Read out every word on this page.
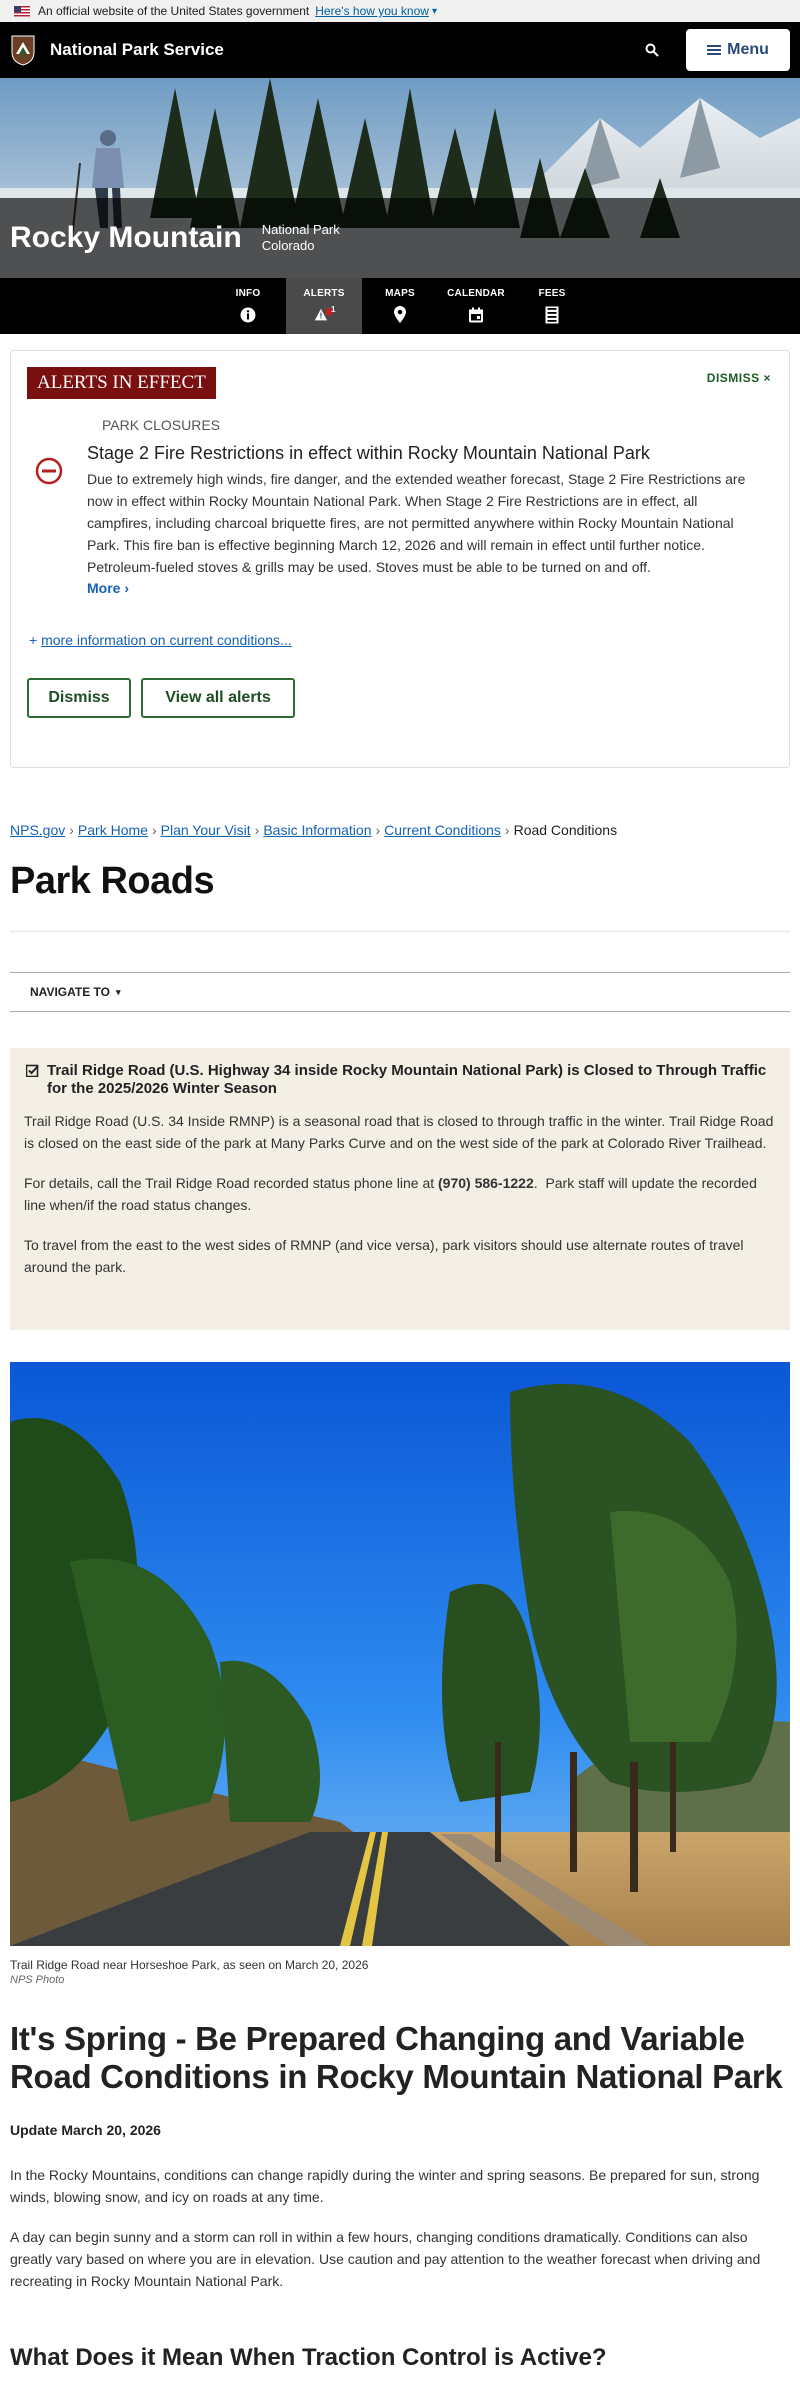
An official website of the United States government Here's how you know ▾
National Park Service	Menu
Rocky Mountain National Park
Colorado
INFO	ALERTS
1
MAPS	CALENDAR	FEES
ALERTS IN EFFECT	DISMISS ×
PARK CLOSURES
Stage 2 Fire Restrictions in effect within Rocky Mountain National Park
Due to extremely high winds, fire danger, and the extended weather forecast, Stage 2 Fire Restrictions are now in effect within Rocky Mountain National Park. When Stage 2 Fire Restrictions are in effect, all campfires, including charcoal briquette fires, are not permitted anywhere within Rocky Mountain National Park. This fire ban is effective beginning March 12, 2026 and will remain in effect until further notice. Petroleum-fueled stoves & grills may be used. Stoves must be able to be turned on and off.
More ›
+ more information on current conditions...
Dismiss	View all alerts
NPS.gov › Park Home › Plan Your Visit › Basic Information › Current Conditions › Road Conditions
Park Roads
NAVIGATE TO ▾
Trail Ridge Road (U.S. Highway 34 inside Rocky Mountain National Park) is Closed to Through Traffic for the 2025/2026 Winter Season

Trail Ridge Road (U.S. 34 Inside RMNP) is a seasonal road that is closed to through traffic in the winter. Trail Ridge Road is closed on the east side of the park at Many Parks Curve and on the west side of the park at Colorado River Trailhead.

For details, call the Trail Ridge Road recorded status phone line at (970) 586-1222.  Park staff will update the recorded line when/if the road status changes.

To travel from the east to the west sides of RMNP (and vice versa), park visitors should use alternate routes of travel around the park.

Trail Ridge Road near Horseshoe Park, as seen on March 20, 2026
NPS Photo
It's Spring - Be Prepared Changing and Variable Road Conditions in Rocky Mountain National Park
Update March 20, 2026
In the Rocky Mountains, conditions can change rapidly during the winter and spring seasons. Be prepared for sun, strong winds, blowing snow, and icy on roads at any time.
A day can begin sunny and a storm can roll in within a few hours, changing conditions dramatically. Conditions can also greatly vary based on where you are in elevation. Use caution and pay attention to the weather forecast when driving and recreating in Rocky Mountain National Park.
What Does it Mean When Traction Control is Active?
